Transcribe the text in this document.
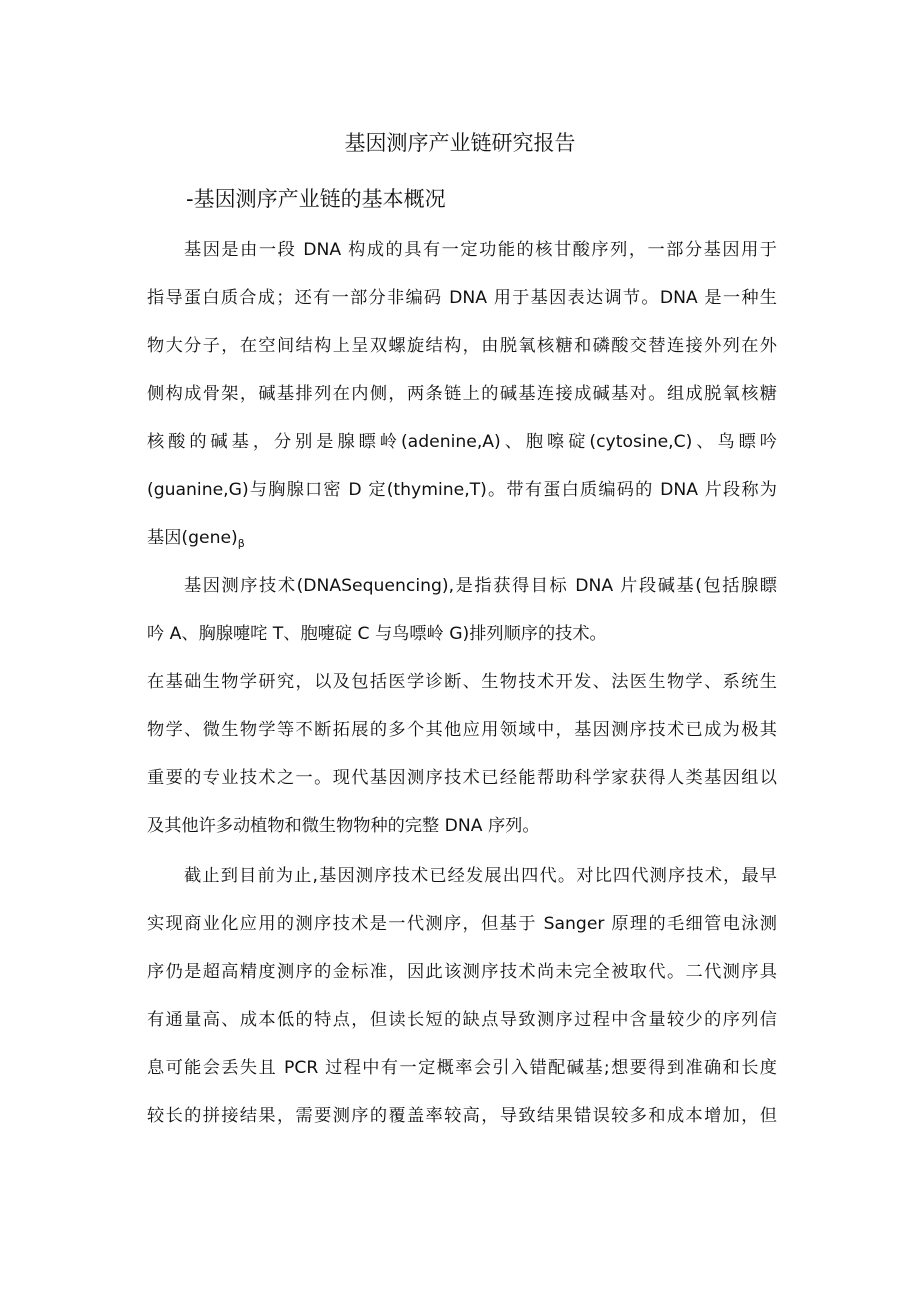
基因测序产业链研究报告
-基因测序产业链的基本概况
基因是由一段 DNA 构成的具有一定功能的核甘酸序列，一部分基因用于
指导蛋白质合成；还有一部分非编码 DNA 用于基因表达调节。DNA 是一种生
物大分子，在空间结构上呈双螺旋结构，由脱氧核糖和磷酸交替连接外列在外
侧构成骨架，碱基排列在内侧，两条链上的碱基连接成碱基对。组成脱氧核糖
核酸的碱基，分别是腺瞟岭(adenine,A)、胞嚓碇(cytosine,C)、鸟瞟吟
(guanine,G)与胸腺口密 D 定(thymine,T)。带有蛋白质编码的 DNA 片段称为
基因$(gene)_\beta$
基因测序技术(DNASequencing),是指获得目标 DNA 片段碱基(包括腺瞟
吟 A、胸腺嚏咤 T、胞嚏碇 C 与鸟嘌岭 G)排列顺序的技术。
在基础生物学研究，以及包括医学诊断、生物技术开发、法医生物学、系统生
物学、微生物学等不断拓展的多个其他应用领域中，基因测序技术已成为极其
重要的专业技术之一。现代基因测序技术已经能帮助科学家获得人类基因组以
及其他许多动植物和微生物物种的完整 DNA 序列。
截止到目前为止,基因测序技术已经发展出四代。对比四代测序技术，最早
实现商业化应用的测序技术是一代测序，但基于 Sanger 原理的毛细管电泳测
序仍是超高精度测序的金标准，因此该测序技术尚未完全被取代。二代测序具
有通量高、成本低的特点，但读长短的缺点导致测序过程中含量较少的序列信
息可能会丢失且 PCR 过程中有一定概率会引入错配碱基;想要得到准确和长度
较长的拼接结果，需要测序的覆盖率较高，导致结果错误较多和成本增加，但
